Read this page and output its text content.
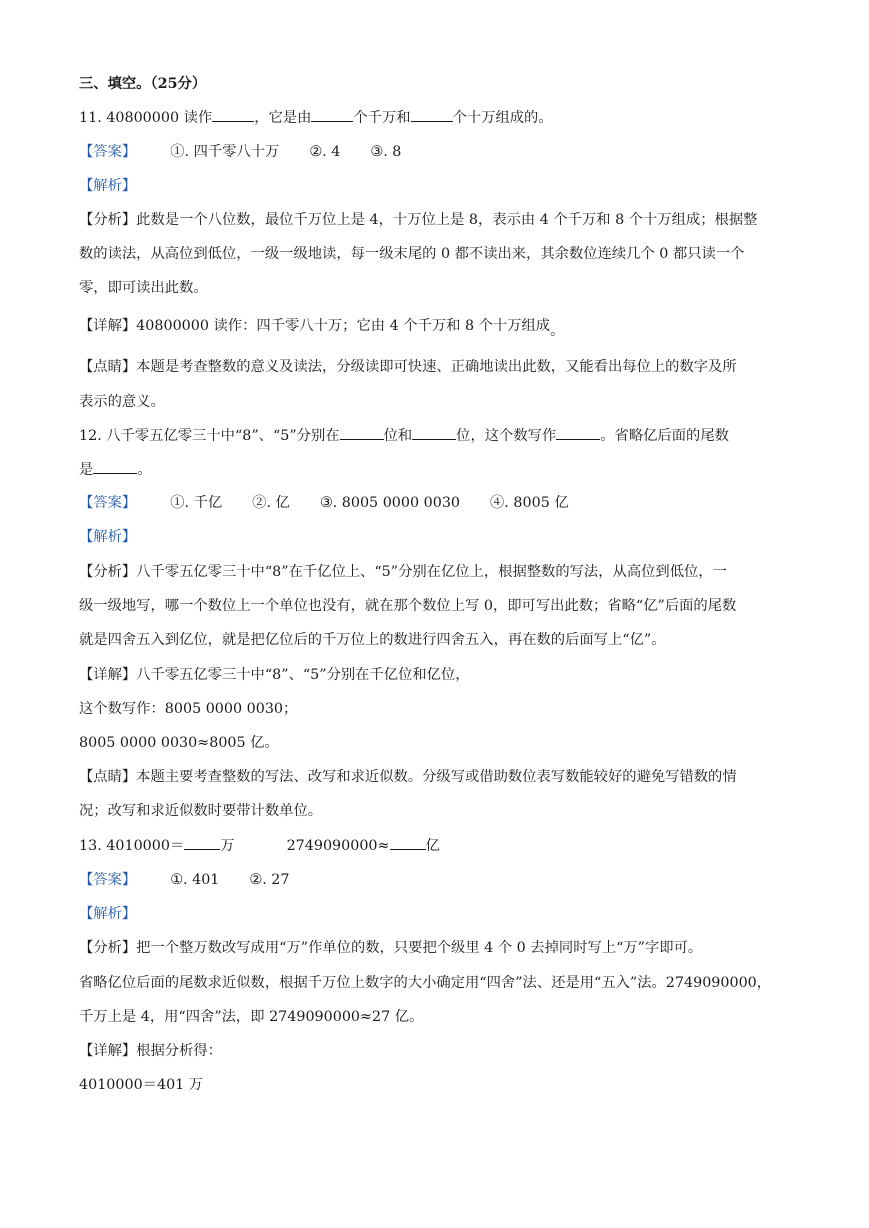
三、填空。（25分）
11. 40800000 读作	，它是由	个千万和	个十万组成的。
【答案】 ①. 四千零八十万 ②. 4 ③. 8
【解析】
【分析】此数是一个八位数，最位千万位上是 4，十万位上是 8，表示由 4 个千万和 8 个十万组成；根据整
数的读法，从高位到低位，一级一级地读，每一级末尾的 0 都不读出来，其余数位连续几个 0 都只读一个
零，即可读出此数。
【详解】40800000 读作：四千零八十万；它由 4 个千万和 8 个十万组成。
【点睛】本题是考查整数的意义及读法，分级读即可快速、正确地读出此数，又能看出每位上的数字及所
表示的意义。
12. 八千零五亿零三十中“8”、“5”分别在	位和	位，这个数写作	。省略亿后面的尾数
是	。
【答案】 ①. 千亿 ②. 亿 ③. 8005 0000 0030 ④. 8005 亿
【解析】
【分析】八千零五亿零三十中“8”在千亿位上、“5”分别在亿位上，根据整数的写法，从高位到低位，一
级一级地写，哪一个数位上一个单位也没有，就在那个数位上写 0，即可写出此数；省略“亿”后面的尾数
就是四舍五入到亿位，就是把亿位后的千万位上的数进行四舍五入，再在数的后面写上“亿”。
【详解】八千零五亿零三十中“8”、“5”分别在千亿位和亿位，
这个数写作：8005 0000 0030；
8005 0000 0030≈8005 亿。
【点睛】本题主要考查整数的写法、改写和求近似数。分级写或借助数位表写数能较好的避免写错数的情
况；改写和求近似数时要带计数单位。
13. 4010000＝	万	2749090000≈	亿
【答案】 ①. 401 ②. 27
【解析】
【分析】把一个整万数改写成用“万”作单位的数，只要把个级里 4 个 0 去掉同时写上“万”字即可。
省略亿位后面的尾数求近似数，根据千万位上数字的大小确定用“四舍”法、还是用“五入”法。2749090000，
千万上是 4，用“四舍”法，即 2749090000≈27 亿。
【详解】根据分析得：
4010000＝401 万
